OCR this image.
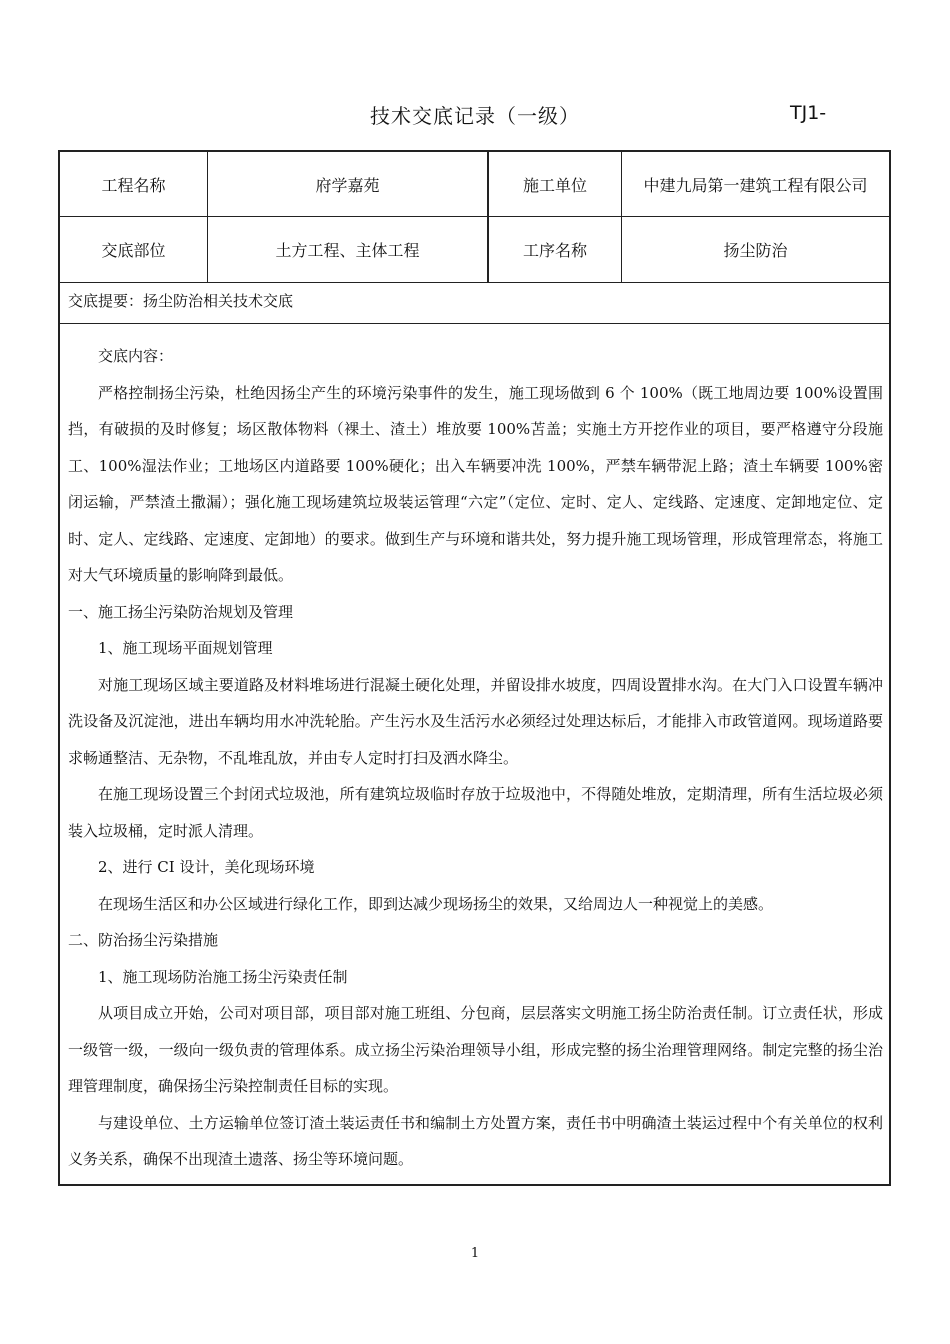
技术交底记录（一级）	TJ1-
工程名称	府学嘉苑	施工单位	中建九局第一建筑工程有限公司
交底部位	土方工程、主体工程	工序名称	扬尘防治
交底提要：扬尘防治相关技术交底

交底内容：

严格控制扬尘污染，杜绝因扬尘产生的环境污染事件的发生，施工现场做到 6 个 100%（既工地周边要 100%设置围挡，有破损的及时修复；场区散体物料（裸土、渣土）堆放要 100%苫盖；实施土方开挖作业的项目，要严格遵守分段施工、100%湿法作业；工地场区内道路要 100%硬化；出入车辆要冲洗 100%，严禁车辆带泥上路；渣土车辆要 100%密闭运输，严禁渣土撒漏）；强化施工现场建筑垃圾装运管理“六定”（定位、定时、定人、定线路、定速度、定卸地定位、定时、定人、定线路、定速度、定卸地）的要求。做到生产与环境和谐共处，努力提升施工现场管理，形成管理常态，将施工对大气环境质量的影响降到最低。

一、施工扬尘污染防治规划及管理

1、施工现场平面规划管理

对施工现场区域主要道路及材料堆场进行混凝土硬化处理，并留设排水坡度，四周设置排水沟。在大门入口设置车辆冲洗设备及沉淀池，进出车辆均用水冲洗轮胎。产生污水及生活污水必须经过处理达标后，才能排入市政管道网。现场道路要求畅通整洁、无杂物，不乱堆乱放，并由专人定时打扫及洒水降尘。

在施工现场设置三个封闭式垃圾池，所有建筑垃圾临时存放于垃圾池中，不得随处堆放，定期清理，所有生活垃圾必须装入垃圾桶，定时派人清理。

2、进行 CI 设计，美化现场环境

在现场生活区和办公区域进行绿化工作，即到达减少现场扬尘的效果，又给周边人一种视觉上的美感。

二、防治扬尘污染措施

1、施工现场防治施工扬尘污染责任制

从项目成立开始，公司对项目部，项目部对施工班组、分包商，层层落实文明施工扬尘防治责任制。订立责任状，形成一级管一级，一级向一级负责的管理体系。成立扬尘污染治理领导小组，形成完整的扬尘治理管理网络。制定完整的扬尘治理管理制度，确保扬尘污染控制责任目标的实现。

与建设单位、土方运输单位签订渣土装运责任书和编制土方处置方案，责任书中明确渣土装运过程中个有关单位的权利义务关系，确保不出现渣土遗落、扬尘等环境问题。

1
